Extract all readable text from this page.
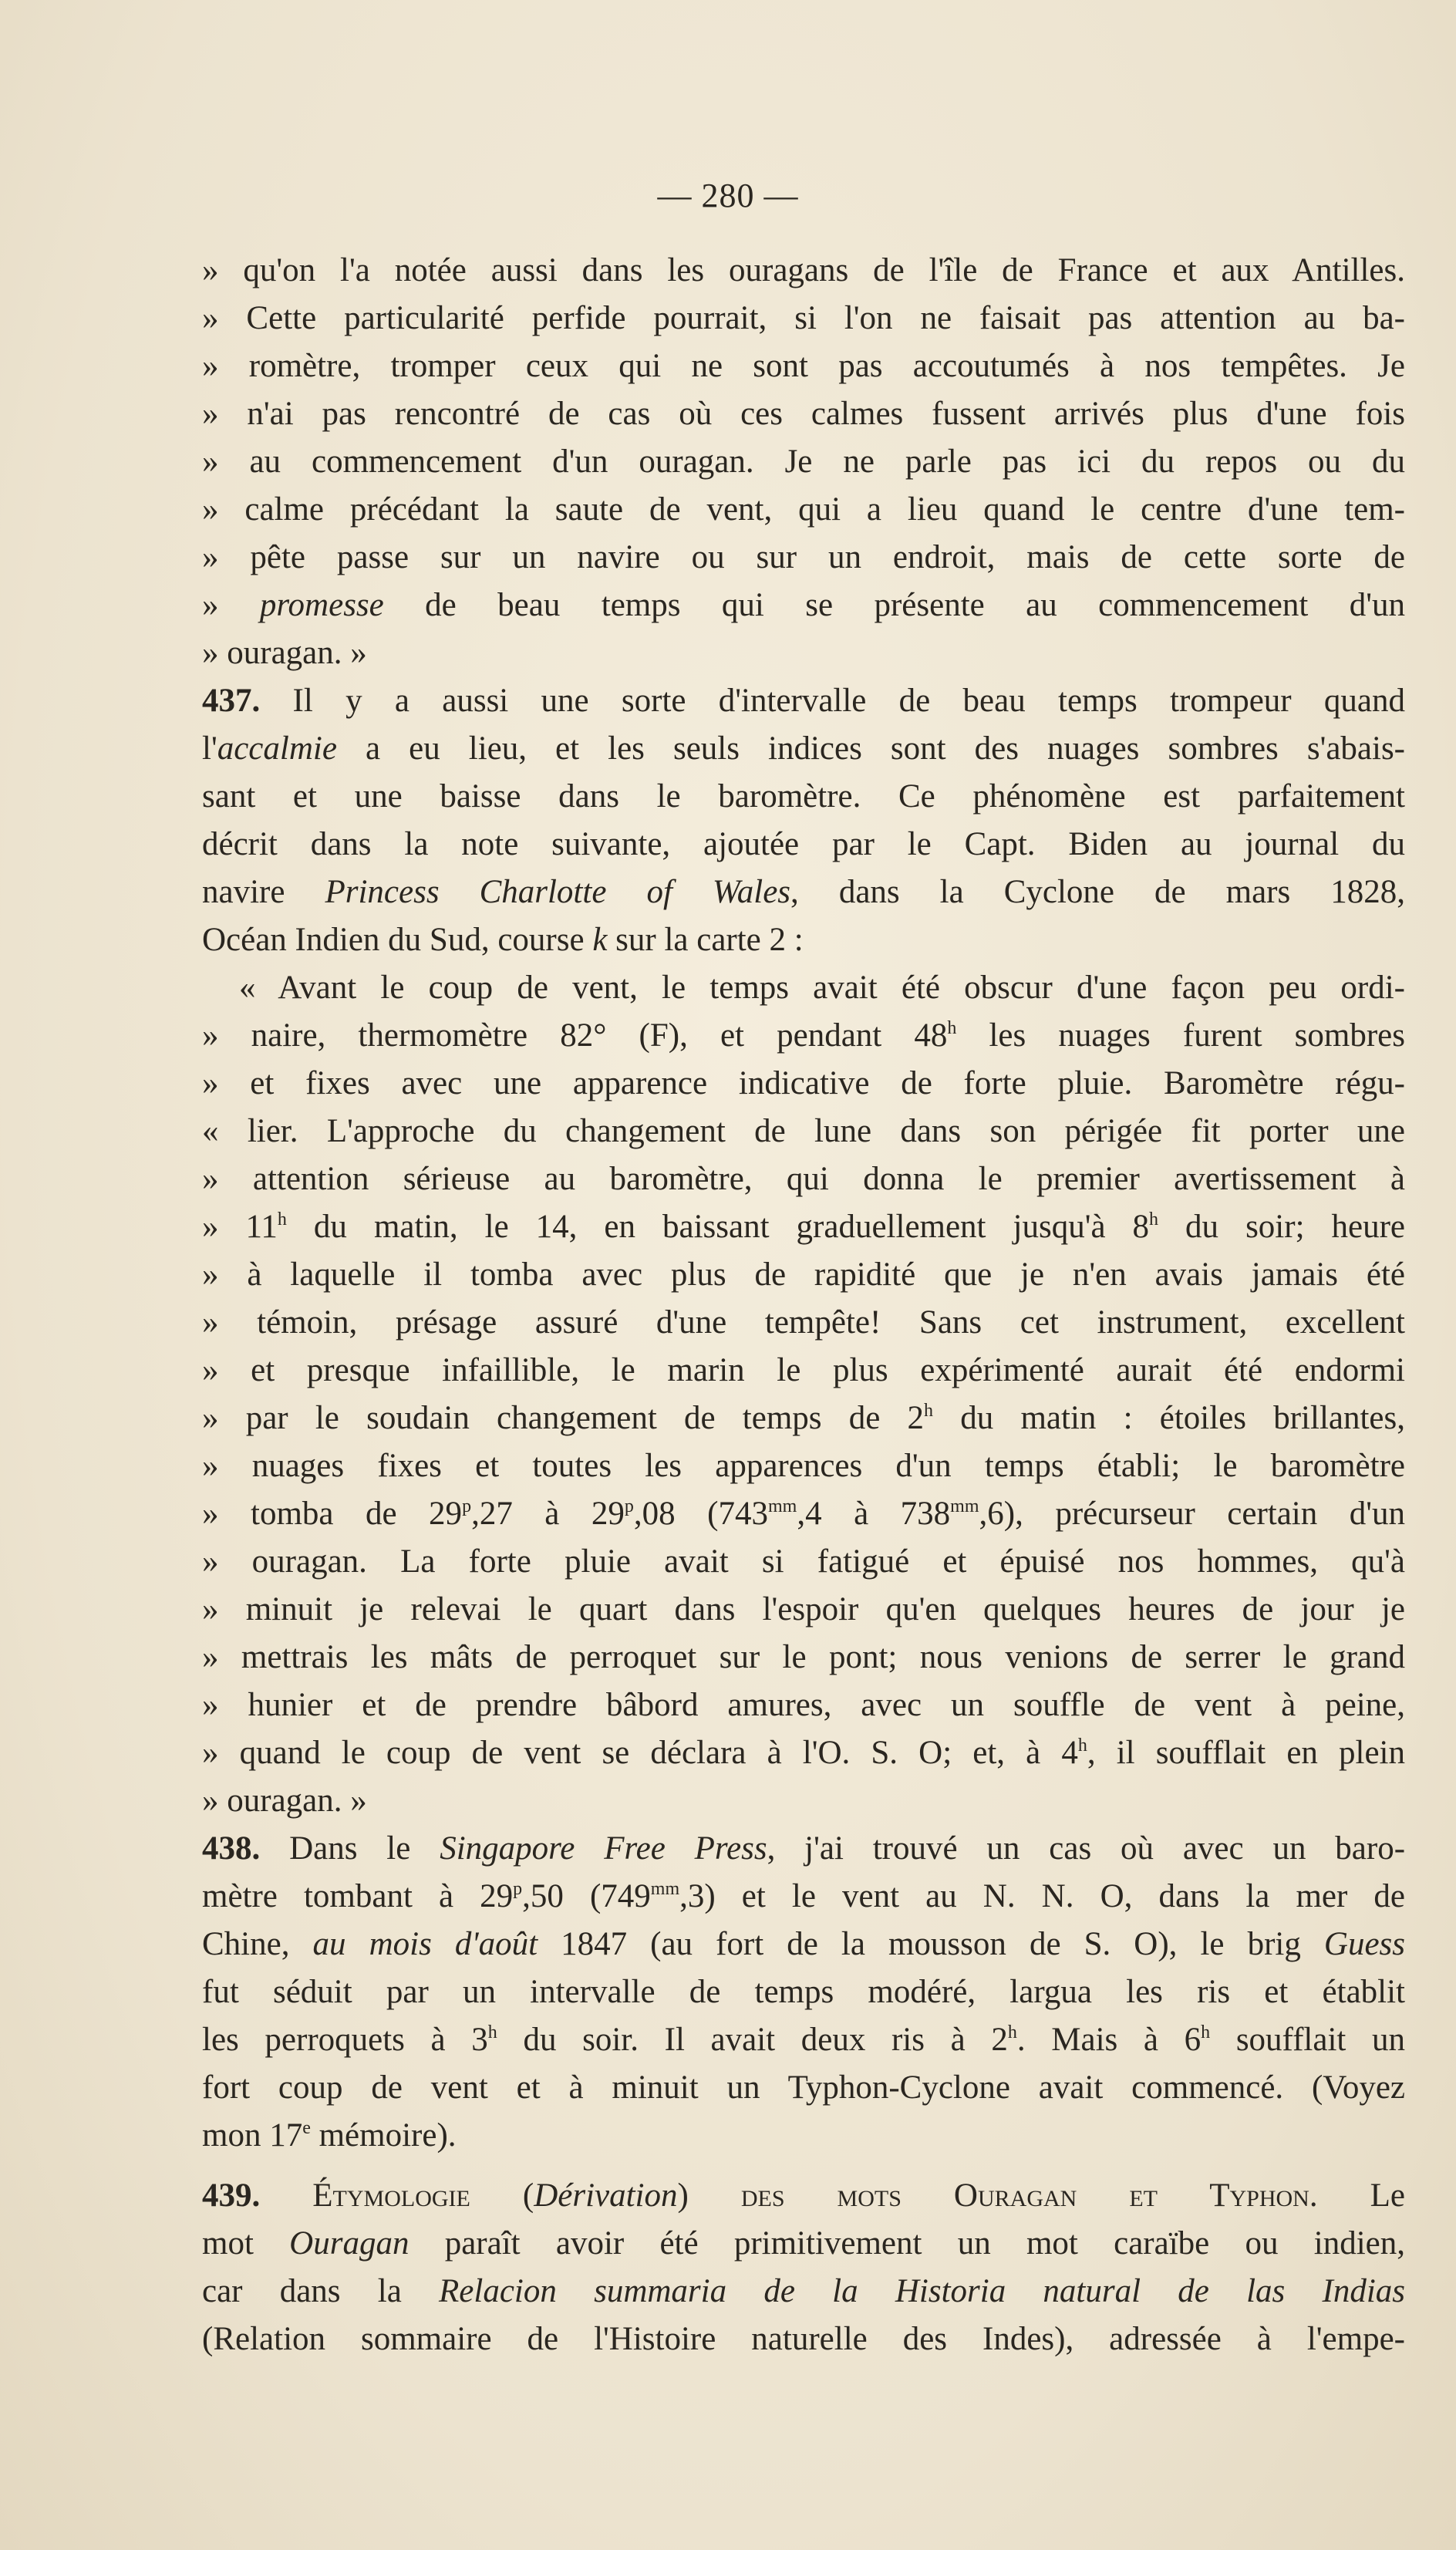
— 280 —
» qu'on l'a notée aussi dans les ouragans de l'île de France et aux Antilles.
» Cette particularité perfide pourrait, si l'on ne faisait pas attention au ba-
» romètre, tromper ceux qui ne sont pas accoutumés à nos tempêtes. Je
» n'ai pas rencontré de cas où ces calmes fussent arrivés plus d'une fois
» au commencement d'un ouragan. Je ne parle pas ici du repos ou du
» calme précédant la saute de vent, qui a lieu quand le centre d'une tem-
» pête passe sur un navire ou sur un endroit, mais de cette sorte de
» promesse de beau temps qui se présente au commencement d'un
» ouragan. »
437. Il y a aussi une sorte d'intervalle de beau temps trompeur quand
l'accalmie a eu lieu, et les seuls indices sont des nuages sombres s'abais-
sant et une baisse dans le baromètre. Ce phénomène est parfaitement
décrit dans la note suivante, ajoutée par le Capt. Biden au journal du
navire Princess Charlotte of Wales, dans la Cyclone de mars 1828,
Océan Indien du Sud, course k sur la carte 2 :
« Avant le coup de vent, le temps avait été obscur d'une façon peu ordi-
» naire, thermomètre 82° (F), et pendant 48$^h$ les nuages furent sombres
» et fixes avec une apparence indicative de forte pluie. Baromètre régu-
« lier. L'approche du changement de lune dans son périgée fit porter une
» attention sérieuse au baromètre, qui donna le premier avertissement à
» 11$^h$ du matin, le 14, en baissant graduellement jusqu'à 8$^h$ du soir; heure
» à laquelle il tomba avec plus de rapidité que je n'en avais jamais été
» témoin, présage assuré d'une tempête! Sans cet instrument, excellent
» et presque infaillible, le marin le plus expérimenté aurait été endormi
» par le soudain changement de temps de 2$^h$ du matin : étoiles brillantes,
» nuages fixes et toutes les apparences d'un temps établi; le baromètre
» tomba de 29$^p$,27 à 29$^p$,08 ($743^{mm},4$ à $738^{mm},6$), précurseur certain d'un
» ouragan. La forte pluie avait si fatigué et épuisé nos hommes, qu'à
» minuit je relevai le quart dans l'espoir qu'en quelques heures de jour je
» mettrais les mâts de perroquet sur le pont; nous venions de serrer le grand
» hunier et de prendre bâbord amures, avec un souffle de vent à peine,
» quand le coup de vent se déclara à l'O. S. O; et, à 4$^h$, il soufflait en plein
» ouragan. »
438. Dans le Singapore Free Press, j'ai trouvé un cas où avec un baro-
mètre tombant à 29$^p$,50 $(749^{mm},3)$ et le vent au N. N. O, dans la mer de
Chine, au mois d'août 1847 (au fort de la mousson de S. O), le brig Guess
fut séduit par un intervalle de temps modéré, largua les ris et établit
les perroquets à 3$^h$ du soir. Il avait deux ris à 2$^h$. Mais à 6$^h$ soufflait un
fort coup de vent et à minuit un Typhon-Cyclone avait commencé. (Voyez
mon 17e mémoire).
439. Étymologie (Dérivation) des mots Ouragan et Typhon. Le
mot Ouragan paraît avoir été primitivement un mot caraïbe ou indien,
car dans la Relacion summaria de la Historia natural de las Indias
(Relation sommaire de l'Histoire naturelle des Indes), adressée à l'empe-
